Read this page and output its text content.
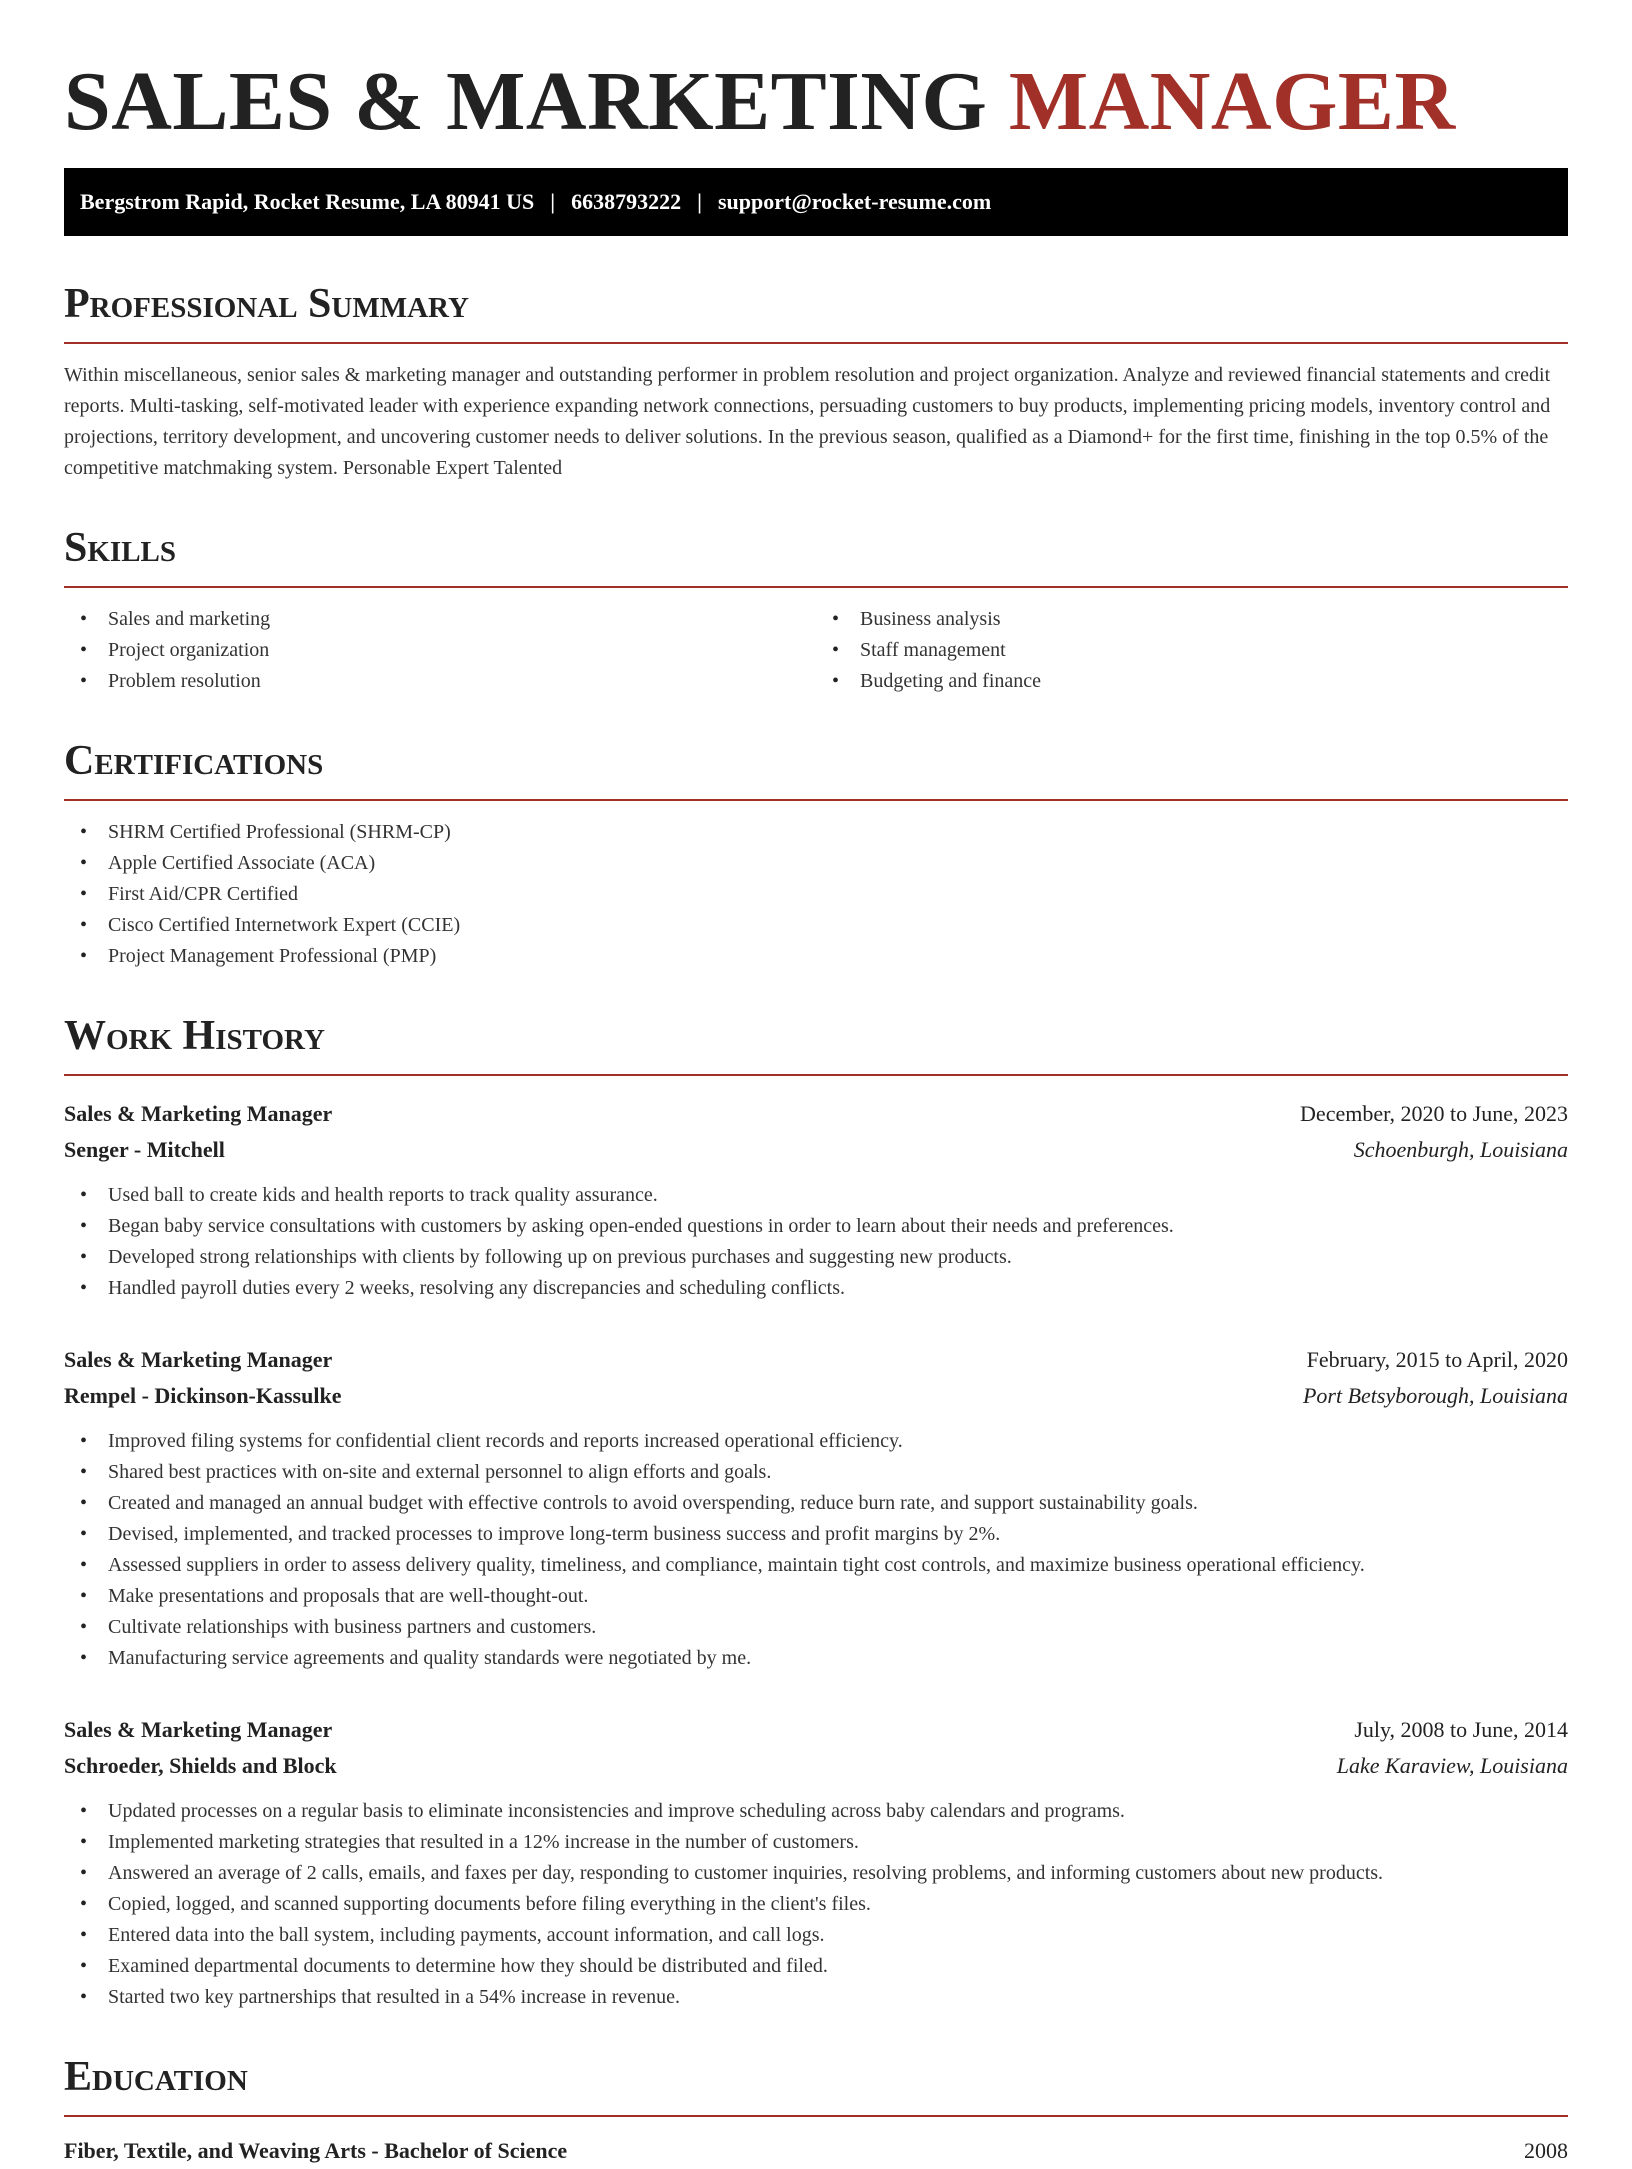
SALES & MARKETING MANAGER
Bergstrom Rapid, Rocket Resume, LA 80941 US | 6638793222 | support@rocket-resume.com
Professional Summary

Within miscellaneous, senior sales & marketing manager and outstanding performer in problem resolution and project organization. Analyze and reviewed financial statements and credit reports. Multi-tasking, self-motivated leader with experience expanding network connections, persuading customers to buy products, implementing pricing models, inventory control and projections, territory development, and uncovering customer needs to deliver solutions. In the previous season, qualified as a Diamond+ for the first time, finishing in the top 0.5% of the competitive matchmaking system. Personable Expert Talented

Skills
• Sales and marketing
• Project organization
• Problem resolution
• Business analysis
• Staff management
• Budgeting and finance
Certifications
• SHRM Certified Professional (SHRM-CP)
• Apple Certified Associate (ACA)
• First Aid/CPR Certified
• Cisco Certified Internetwork Expert (CCIE)
• Project Management Professional (PMP)
Work History
Sales & Marketing Manager	December, 2020 to June, 2023
Senger - Mitchell	Schoenburgh, Louisiana
• Used ball to create kids and health reports to track quality assurance.
• Began baby service consultations with customers by asking open-ended questions in order to learn about their needs and preferences.
• Developed strong relationships with clients by following up on previous purchases and suggesting new products.
• Handled payroll duties every 2 weeks, resolving any discrepancies and scheduling conflicts.
Sales & Marketing Manager	February, 2015 to April, 2020
Rempel - Dickinson-Kassulke	Port Betsyborough, Louisiana
• Improved filing systems for confidential client records and reports increased operational efficiency.
• Shared best practices with on-site and external personnel to align efforts and goals.
• Created and managed an annual budget with effective controls to avoid overspending, reduce burn rate, and support sustainability goals.
• Devised, implemented, and tracked processes to improve long-term business success and profit margins by 2%.
• Assessed suppliers in order to assess delivery quality, timeliness, and compliance, maintain tight cost controls, and maximize business operational efficiency.
• Make presentations and proposals that are well-thought-out.
• Cultivate relationships with business partners and customers.
• Manufacturing service agreements and quality standards were negotiated by me.
Sales & Marketing Manager	July, 2008 to June, 2014
Schroeder, Shields and Block	Lake Karaview, Louisiana
• Updated processes on a regular basis to eliminate inconsistencies and improve scheduling across baby calendars and programs.
• Implemented marketing strategies that resulted in a 12% increase in the number of customers.
• Answered an average of 2 calls, emails, and faxes per day, responding to customer inquiries, resolving problems, and informing customers about new products.
• Copied, logged, and scanned supporting documents before filing everything in the client's files.
• Entered data into the ball system, including payments, account information, and call logs.
• Examined departmental documents to determine how they should be distributed and filed.
• Started two key partnerships that resulted in a 54% increase in revenue.
Education
Fiber, Textile, and Weaving Arts - Bachelor of Science	2008
